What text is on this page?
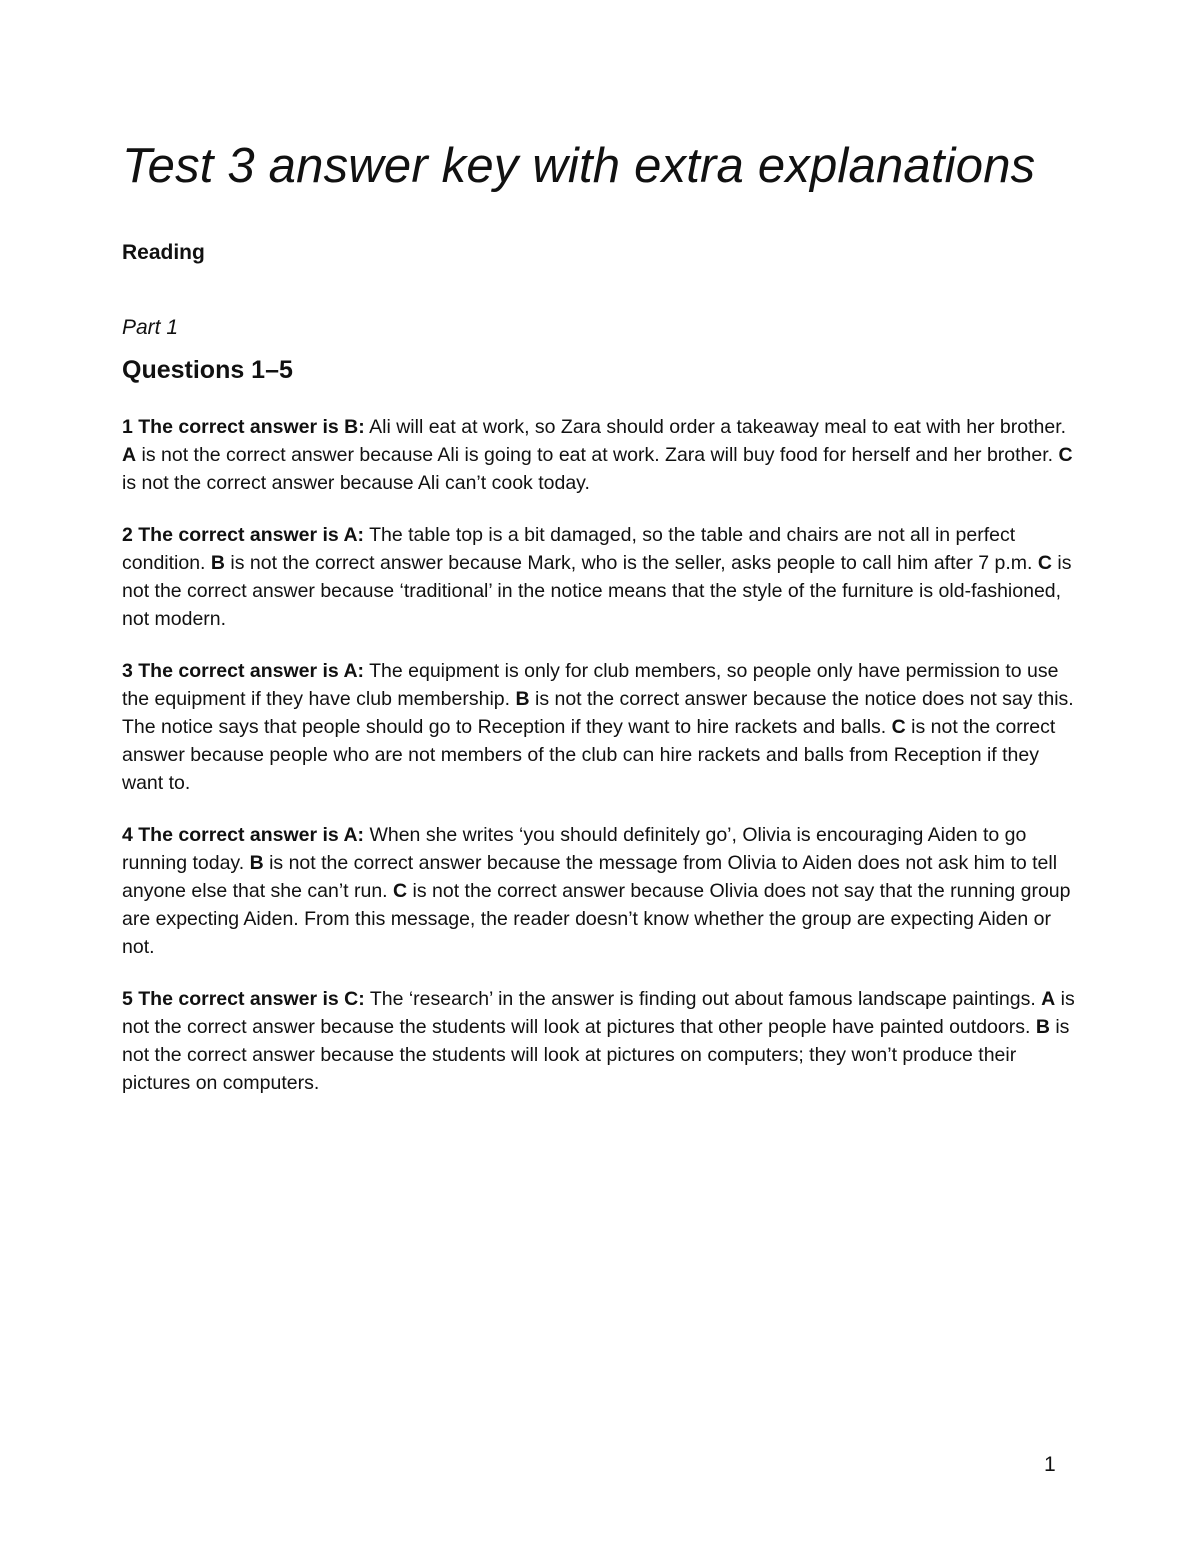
Test 3 answer key with extra explanations
Reading
Part 1
Questions 1–5

1 The correct answer is B: Ali will eat at work, so Zara should order a takeaway meal to eat with her brother. A is not the correct answer because Ali is going to eat at work. Zara will buy food for herself and her brother. C is not the correct answer because Ali can’t cook today.

2 The correct answer is A: The table top is a bit damaged, so the table and chairs are not all in perfect condition. B is not the correct answer because Mark, who is the seller, asks people to call him after 7 p.m. C is not the correct answer because ‘traditional’ in the notice means that the style of the furniture is old-fashioned, not modern.

3 The correct answer is A: The equipment is only for club members, so people only have permission to use the equipment if they have club membership. B is not the correct answer because the notice does not say this. The notice says that people should go to Reception if they want to hire rackets and balls. C is not the correct answer because people who are not members of the club can hire rackets and balls from Reception if they want to.

4 The correct answer is A: When she writes ‘you should definitely go’, Olivia is encouraging Aiden to go running today. B is not the correct answer because the message from Olivia to Aiden does not ask him to tell anyone else that she can’t run. C is not the correct answer because Olivia does not say that the running group are expecting Aiden. From this message, the reader doesn’t know whether the group are expecting Aiden or not.

5 The correct answer is C: The ‘research’ in the answer is finding out about famous landscape paintings. A is not the correct answer because the students will look at pictures that other people have painted outdoors. B is not the correct answer because the students will look at pictures on computers; they won’t produce their pictures on computers.

1
